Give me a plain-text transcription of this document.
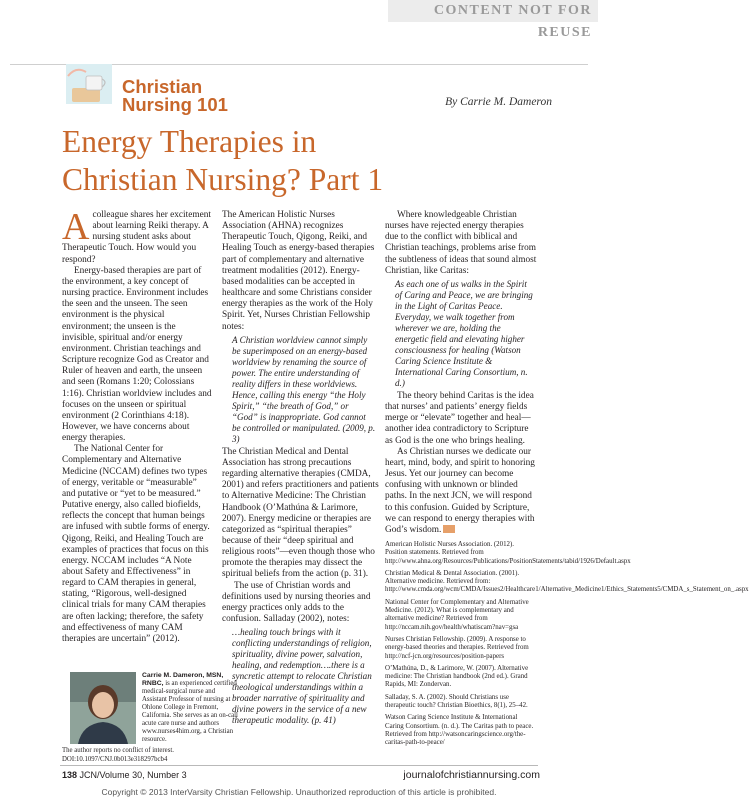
CONTENT NOT FOR REUSE
Christian
Nursing 101	By Carrie M. Dameron
Energy Therapies in
Christian Nursing? Part 1

Acolleague shares her excitement about learning Reiki therapy. A nursing student asks about Therapeutic Touch. How would you respond?

Energy-based therapies are part of the environment, a key concept of nursing practice. Environment includes the seen and the unseen. The seen environment is the physical environment; the unseen is the invisible, spiritual and/or energy environment. Christian teachings and Scripture recognize God as Creator and Ruler of heaven and earth, the unseen and seen (Romans 1:20; Colossians 1:16). Christian worldview includes and focuses on the unseen or spiritual environment (2 Corinthians 4:18). However, we have concerns about energy therapies.

The National Center for Complementary and Alternative Medicine (NCCAM) defines two types of energy, veritable or “measurable” and putative or “yet to be measured.” Putative energy, also called biofields, reflects the concept that human beings are infused with subtle forms of energy. Qigong, Reiki, and Healing Touch are examples of practices that focus on this energy. NCCAM includes “A Note about Safety and Effectiveness” in regard to CAM therapies in general, stating, “Rigorous, well-designed clinical trials for many CAM therapies are often lacking; therefore, the safety and effectiveness of many CAM therapies are uncertain” (2012).

The American Holistic Nurses Association (AHNA) recognizes Therapeutic Touch, Qigong, Reiki, and Healing Touch as energy-based therapies part of complementary and alternative treatment modalities (2012). Energy-based modalities can be accepted in healthcare and some Christians consider energy therapies as the work of the Holy Spirit. Yet, Nurses Christian Fellowship notes:

A Christian worldview cannot simply be superimposed on an energy-based worldview by renaming the source of power. The entire understanding of reality differs in these worldviews. Hence, calling this energy “the Holy Spirit,” “the breath of God,” or “God” is inappropriate. God cannot be controlled or manipulated. (2009, p. 3)

The Christian Medical and Dental Association has strong precautions regarding alternative therapies (CMDA, 2001) and refers practitioners and patients to Alternative Medicine: The Christian Handbook (O’Mathúna & Larimore, 2007). Energy medicine or therapies are categorized as “spiritual therapies” because of their “deep spiritual and religious roots”—even though those who promote the therapies may dissect the spiritual beliefs from the action (p. 31).

The use of Christian words and definitions used by nursing theories and energy practices only adds to the confusion. Salladay (2002), notes:

…healing touch brings with it conflicting understandings of religion, spirituality, divine power, salvation, healing, and redemption….there is a syncretic attempt to relocate Christian theological understandings within a broader narrative of spirituality and divine powers in the service of a new therapeutic modality. (p. 41)

Where knowledgeable Christian nurses have rejected energy therapies due to the conflict with biblical and Christian teachings, problems arise from the subtleness of ideas that sound almost Christian, like Caritas:

As each one of us walks in the Spirit of Caring and Peace, we are bringing in the Light of Caritas Peace. Everyday, we walk together from wherever we are, holding the energetic field and elevating higher consciousness for healing (Watson Caring Science Institute & International Caring Consortium, n. d.)

The theory behind Caritas is the idea that nurses’ and patients’ energy fields merge or “elevate” together and heal—another idea contradictory to Scripture as God is the one who brings healing.

As Christian nurses we dedicate our heart, mind, body, and spirit to honoring Jesus. Yet our journey can become confusing with unknown or blinded paths. In the next JCN, we will respond to this confusion. Guided by Scripture, we can respond to energy therapies with God’s wisdom.

American Holistic Nurses Association. (2012). Position statements. Retrieved from http://www.ahna.org/Resources/Publications/PositionStatements/tabid/1926/Default.aspx
Christian Medical & Dental Association. (2001). Alternative medicine. Retrieved from: http://www.cmda.org/wcm/CMDA/Issues2/Healthcare1/Alternative_Medicine1/Ethics_Statements5/CMDA_s_Statement_on_.aspx
National Center for Complementary and Alternative Medicine. (2012). What is complementary and alternative medicine? Retrieved from http://nccam.nih.gov/health/whatiscam?nav=gsa
Nurses Christian Fellowship. (2009). A response to energy-based theories and therapies. Retrieved from http://ncf-jcn.org/resources/position-papers
O’Mathúna, D., & Larimore, W. (2007). Alternative medicine: The Christian handbook (2nd ed.). Grand Rapids, MI: Zondervan.
Salladay, S. A. (2002). Should Christians use therapeutic touch? Christian Bioethics, 8(1), 25–42.
Watson Caring Science Institute & International Caring Consortium. (n. d.). The Caritas path to peace. Retrieved from http://watsoncaringscience.org/the-caritas-path-to-peace/
Carrie M. Dameron, MSN, RNBC, is an experienced certified medical-surgical nurse and Assistant Professor of nursing at Ohlone College in Fremont, California. She serves as an on-call acute care nurse and authors www.nurses4him.org, a Christian resource.
The author reports no conflict of interest.
DOI:10.1097/CNJ.0b013e318297bcb4
138 JCN/Volume 30, Number 3	journalofchristiannursing.com
Copyright © 2013 InterVarsity Christian Fellowship. Unauthorized reproduction of this article is prohibited.
